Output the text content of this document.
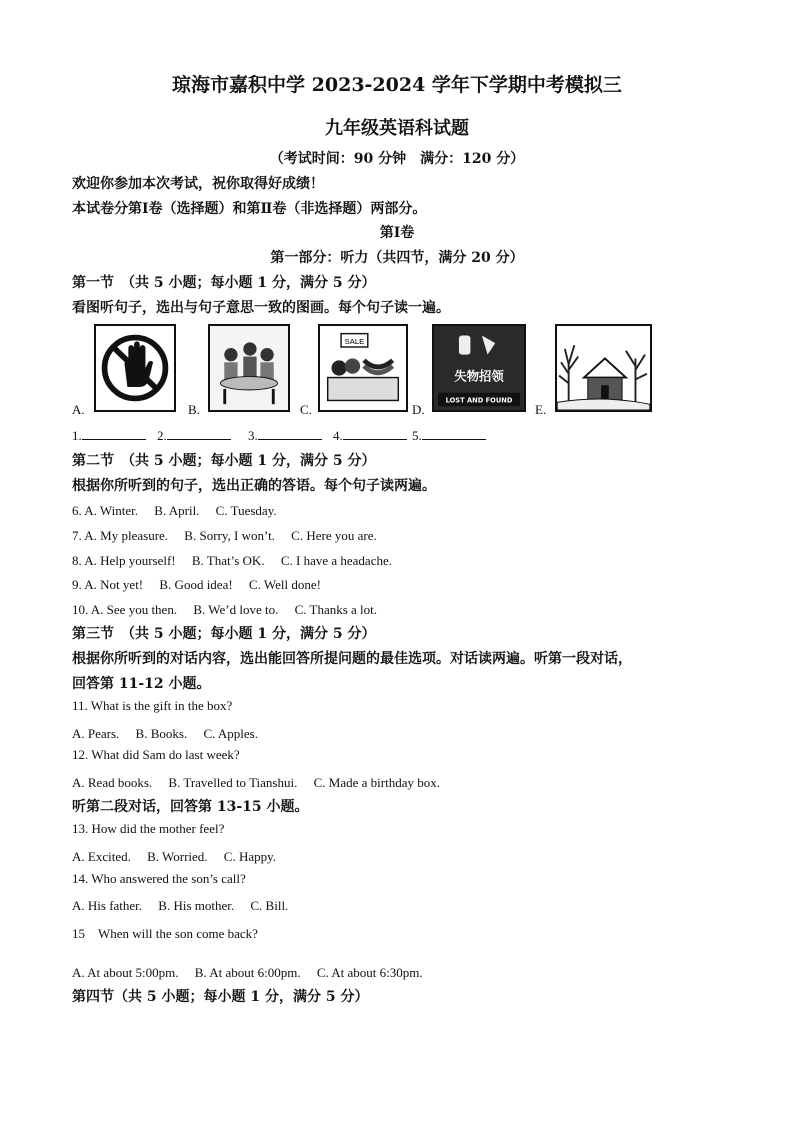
琼海市嘉积中学 2023-2024 学年下学期中考模拟三
九年级英语科试题
（考试时间：90 分钟　满分：120 分）
欢迎你参加本次考试，祝你取得好成绩！
本试卷分第Ⅰ卷（选择题）和第Ⅱ卷（非选择题）两部分。
第Ⅰ卷
第一部分：听力（共四节，满分 20 分）
第一节　（共 5 小题；每小题 1 分，满分 5 分）
看图听句子，选出与句子意思一致的图画。每个句子读一遍。
A.	B.	C.
SALE
D.
失物招领
LOST AND FOUND
E.
1.	2.	3.	4.	5.
第二节　（共 5 小题；每小题 1 分，满分 5 分）
根据你所听到的句子，选出正确的答语。每个句子读两遍。
6. A. Winter.　 B. April.　 C. Tuesday.
7. A. My pleasure.　 B. Sorry, I won’t.　 C. Here you are.
8. A. Help yourself!　 B. That’s OK.　 C. I have a headache.
9. A. Not yet!　 B. Good idea!　 C. Well done!
10. A. See you then.　 B. We’d love to.　 C. Thanks a lot.
第三节　（共 5 小题；每小题 1 分，满分 5 分）
根据你所听到的对话内容，选出能回答所提问题的最佳选项。对话读两遍。听第一段对话，
回答第 11-12 小题。
11. What is the gift in the box?
A. Pears.　 B. Books.　 C. Apples.
12. What did Sam do last week?
A. Read books.　 B. Travelled to Tianshui.　 C. Made a birthday box.
听第二段对话，回答第 13-15 小题。
13. How did the mother feel?
A. Excited.　 B. Worried.　 C. Happy.
14. Who answered the son’s call?
A. His father.　 B. His mother.　 C. Bill.
15　When will the son come back?
A. At about 5:00pm.　 B. At about 6:00pm.　 C. At about 6:30pm.
第四节（共 5 小题；每小题 1 分，满分 5 分）
